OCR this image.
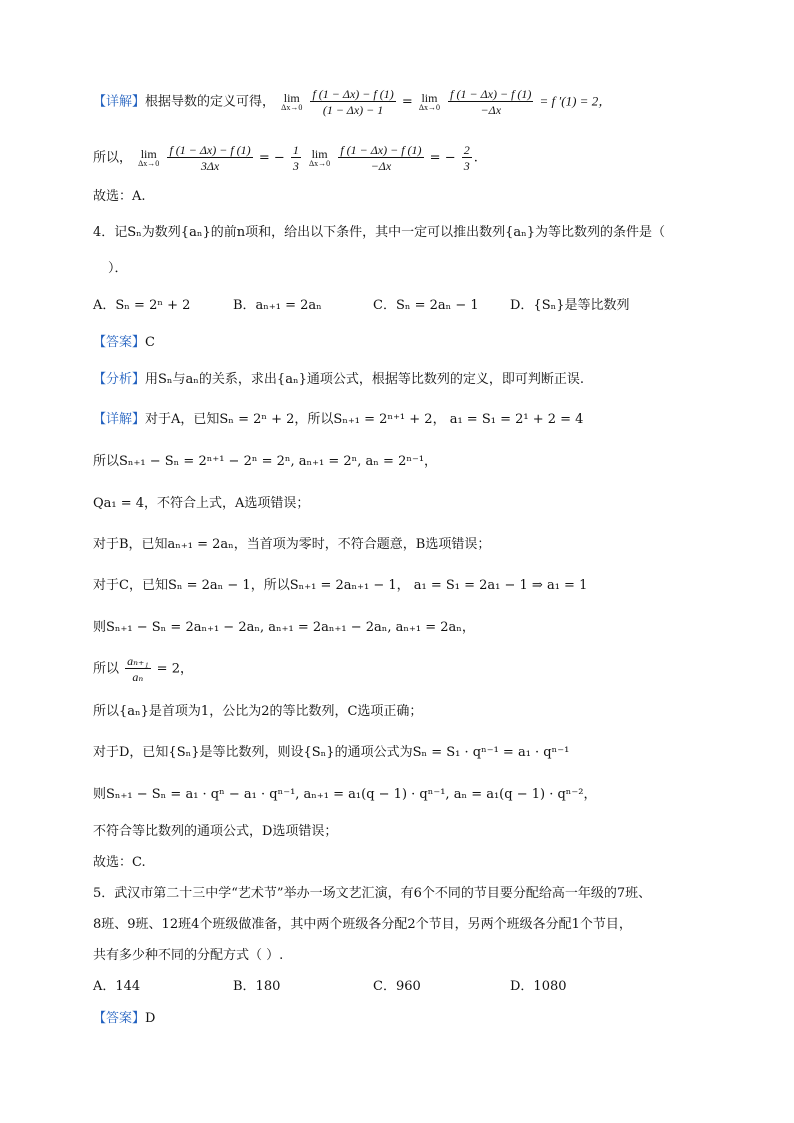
【详解】根据导数的定义可得， lim
Δx→0
$\frac{f (1 - \Delta x) - f (1)}{(1 - \Delta x) - 1} = \lim$
Δx→0
$\frac{f (1 - \Delta x) - f (1)}{-\Delta x} = f$ ′(1) = 2，
所以， lim
Δx→0
$\frac{f (1 - \Delta x) - f (1)}{3\Delta x}$ = − $\frac{1}{3}$
lim
Δx→0
$\frac{f (1 - \Delta x) - f (1)}{-\Delta x}$ = − $\frac{2}{3}$ .
故选：A.
4．记Sₙ为数列{aₙ}的前n项和，给出以下条件，其中一定可以推出数列{aₙ}为等比数列的条件是（
）．
A．Sₙ = 2ⁿ + 2	B．aₙ₊₁ = 2aₙ	C．Sₙ = 2aₙ − 1 D．{Sₙ}是等比数列
【答案】C
【分析】用Sₙ与aₙ的关系，求出{aₙ}通项公式，根据等比数列的定义，即可判断正误.
【详解】对于A，已知Sₙ = 2ⁿ + 2，所以Sₙ₊₁ = 2ⁿ⁺¹ + 2， a₁ = S₁ = 2¹ + 2 = 4
所以Sₙ₊₁ − Sₙ = 2ⁿ⁺¹ − 2ⁿ = 2ⁿ, aₙ₊₁ = 2ⁿ, aₙ = 2ⁿ⁻¹，
Qa₁ = 4，不符合上式，A选项错误；
对于B，已知aₙ₊₁ = 2aₙ，当首项为零时，不符合题意，B选项错误；
对于C，已知Sₙ = 2aₙ − 1，所以Sₙ₊₁ = 2aₙ₊₁ − 1， a₁ = S₁ = 2a₁ − 1 ⇒ a₁ = 1
则Sₙ₊₁ − Sₙ = 2aₙ₊₁ − 2aₙ, aₙ₊₁ = 2aₙ₊₁ − 2aₙ, aₙ₊₁ = 2aₙ，
所以 $\frac{\text{aₙ₊₁}}{\text{aₙ}} = 2$，
所以{aₙ}是首项为1，公比为2的等比数列，C选项正确；
对于D，已知{Sₙ}是等比数列，则设{Sₙ}的通项公式为Sₙ = S₁ · qⁿ⁻¹ = a₁ · qⁿ⁻¹
则Sₙ₊₁ − Sₙ = a₁ · qⁿ − a₁ · qⁿ⁻¹, aₙ₊₁ = a₁(q − 1) · qⁿ⁻¹, aₙ = a₁(q − 1) · qⁿ⁻²，
不符合等比数列的通项公式，D选项错误；
故选：C.
5．武汉市第二十三中学“艺术节”举办一场文艺汇演，有6个不同的节目要分配给高一年级的7班、
8班、9班、12班4个班级做准备，其中两个班级各分配2个节目，另两个班级各分配1个节目，
共有多少种不同的分配方式（ ）.
A．144	B．180	C．960	D．1080
【答案】D
